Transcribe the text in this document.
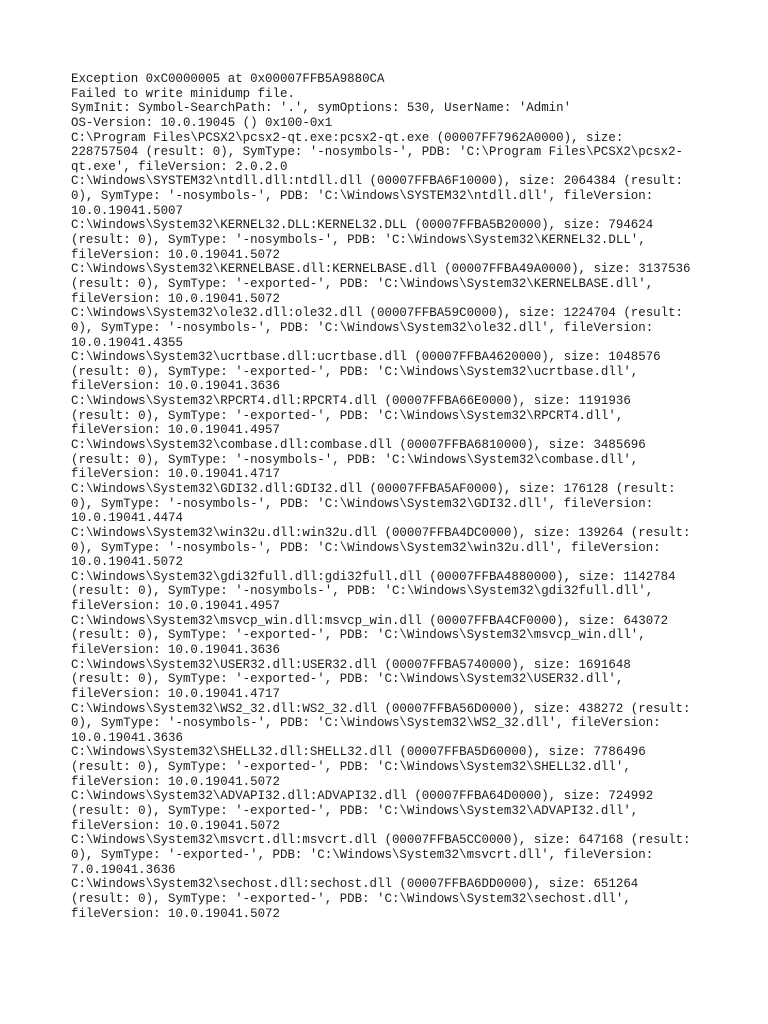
Exception 0xC0000005 at 0x00007FFB5A9880CA
Failed to write minidump file.
SymInit: Symbol-SearchPath: '.', symOptions: 530, UserName: 'Admin'
OS-Version: 10.0.19045 () 0x100-0x1
C:\Program Files\PCSX2\pcsx2-qt.exe:pcsx2-qt.exe (00007FF7962A0000), size:
228757504 (result: 0), SymType: '-nosymbols-', PDB: 'C:\Program Files\PCSX2\pcsx2-
qt.exe', fileVersion: 2.0.2.0
C:\Windows\SYSTEM32\ntdll.dll:ntdll.dll (00007FFBA6F10000), size: 2064384 (result:
0), SymType: '-nosymbols-', PDB: 'C:\Windows\SYSTEM32\ntdll.dll', fileVersion:
10.0.19041.5007
C:\Windows\System32\KERNEL32.DLL:KERNEL32.DLL (00007FFBA5B20000), size: 794624
(result: 0), SymType: '-nosymbols-', PDB: 'C:\Windows\System32\KERNEL32.DLL',
fileVersion: 10.0.19041.5072
C:\Windows\System32\KERNELBASE.dll:KERNELBASE.dll (00007FFBA49A0000), size: 3137536
(result: 0), SymType: '-exported-', PDB: 'C:\Windows\System32\KERNELBASE.dll',
fileVersion: 10.0.19041.5072
C:\Windows\System32\ole32.dll:ole32.dll (00007FFBA59C0000), size: 1224704 (result:
0), SymType: '-nosymbols-', PDB: 'C:\Windows\System32\ole32.dll', fileVersion:
10.0.19041.4355
C:\Windows\System32\ucrtbase.dll:ucrtbase.dll (00007FFBA4620000), size: 1048576
(result: 0), SymType: '-exported-', PDB: 'C:\Windows\System32\ucrtbase.dll',
fileVersion: 10.0.19041.3636
C:\Windows\System32\RPCRT4.dll:RPCRT4.dll (00007FFBA66E0000), size: 1191936
(result: 0), SymType: '-exported-', PDB: 'C:\Windows\System32\RPCRT4.dll',
fileVersion: 10.0.19041.4957
C:\Windows\System32\combase.dll:combase.dll (00007FFBA6810000), size: 3485696
(result: 0), SymType: '-nosymbols-', PDB: 'C:\Windows\System32\combase.dll',
fileVersion: 10.0.19041.4717
C:\Windows\System32\GDI32.dll:GDI32.dll (00007FFBA5AF0000), size: 176128 (result:
0), SymType: '-nosymbols-', PDB: 'C:\Windows\System32\GDI32.dll', fileVersion:
10.0.19041.4474
C:\Windows\System32\win32u.dll:win32u.dll (00007FFBA4DC0000), size: 139264 (result:
0), SymType: '-nosymbols-', PDB: 'C:\Windows\System32\win32u.dll', fileVersion:
10.0.19041.5072
C:\Windows\System32\gdi32full.dll:gdi32full.dll (00007FFBA4880000), size: 1142784
(result: 0), SymType: '-nosymbols-', PDB: 'C:\Windows\System32\gdi32full.dll',
fileVersion: 10.0.19041.4957
C:\Windows\System32\msvcp_win.dll:msvcp_win.dll (00007FFBA4CF0000), size: 643072
(result: 0), SymType: '-exported-', PDB: 'C:\Windows\System32\msvcp_win.dll',
fileVersion: 10.0.19041.3636
C:\Windows\System32\USER32.dll:USER32.dll (00007FFBA5740000), size: 1691648
(result: 0), SymType: '-exported-', PDB: 'C:\Windows\System32\USER32.dll',
fileVersion: 10.0.19041.4717
C:\Windows\System32\WS2_32.dll:WS2_32.dll (00007FFBA56D0000), size: 438272 (result:
0), SymType: '-nosymbols-', PDB: 'C:\Windows\System32\WS2_32.dll', fileVersion:
10.0.19041.3636
C:\Windows\System32\SHELL32.dll:SHELL32.dll (00007FFBA5D60000), size: 7786496
(result: 0), SymType: '-exported-', PDB: 'C:\Windows\System32\SHELL32.dll',
fileVersion: 10.0.19041.5072
C:\Windows\System32\ADVAPI32.dll:ADVAPI32.dll (00007FFBA64D0000), size: 724992
(result: 0), SymType: '-exported-', PDB: 'C:\Windows\System32\ADVAPI32.dll',
fileVersion: 10.0.19041.5072
C:\Windows\System32\msvcrt.dll:msvcrt.dll (00007FFBA5CC0000), size: 647168 (result:
0), SymType: '-exported-', PDB: 'C:\Windows\System32\msvcrt.dll', fileVersion:
7.0.19041.3636
C:\Windows\System32\sechost.dll:sechost.dll (00007FFBA6DD0000), size: 651264
(result: 0), SymType: '-exported-', PDB: 'C:\Windows\System32\sechost.dll',
fileVersion: 10.0.19041.5072
